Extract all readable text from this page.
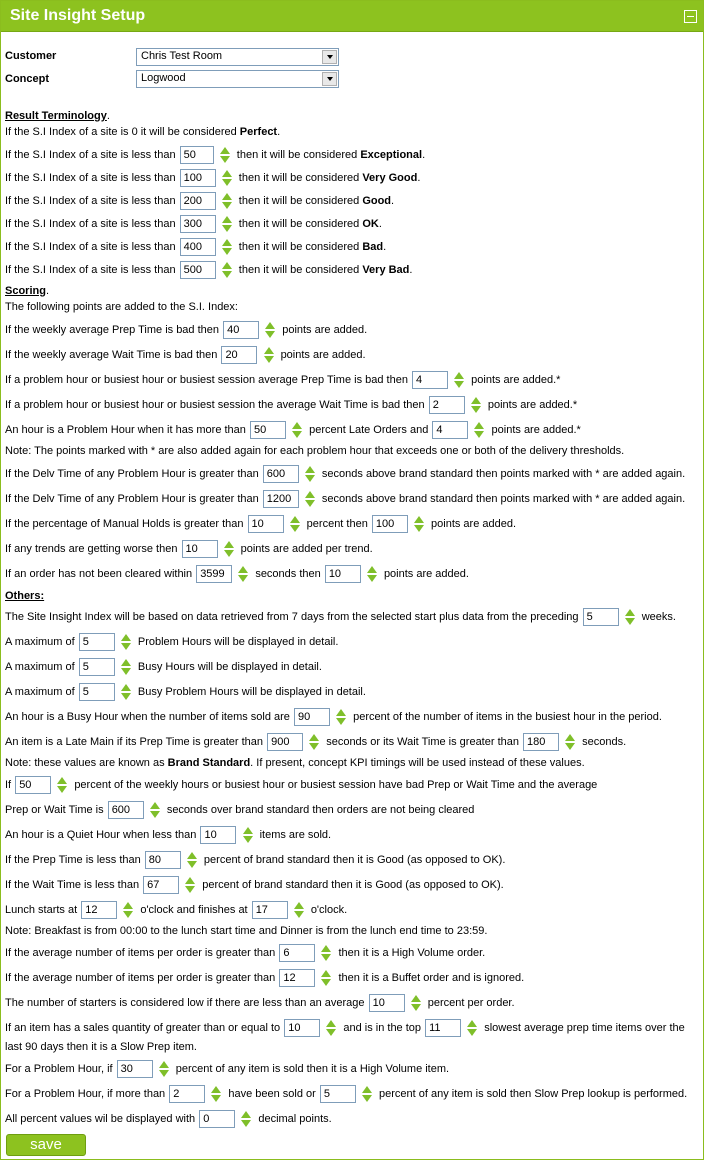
Site Insight Setup
Customer	Chris Test Room
Concept	Logwood
Result Terminology.
If the S.I Index of a site is 0 it will be considered Perfect.
If the S.I Index of a site is less than 50	then it will be considered Exceptional.
If the S.I Index of a site is less than 100	then it will be considered Very Good.
If the S.I Index of a site is less than 200	then it will be considered Good.
If the S.I Index of a site is less than 300	then it will be considered OK.
If the S.I Index of a site is less than 400	then it will be considered Bad.
If the S.I Index of a site is less than 500	then it will be considered Very Bad.
Scoring.
The following points are added to the S.I. Index:
If the weekly average Prep Time is bad then 40	points are added.
If the weekly average Wait Time is bad then 20	points are added.
If a problem hour or busiest hour or busiest session average Prep Time is bad then 4	points are added.*
If a problem hour or busiest hour or busiest session the average Wait Time is bad then 2	points are added.*
An hour is a Problem Hour when it has more than 50	percent Late Orders and 4	points are added.*
Note: The points marked with * are also added again for each problem hour that exceeds one or both of the delivery thresholds.
If the Delv Time of any Problem Hour is greater than 600	seconds above brand standard then points marked with * are added again.
If the Delv Time of any Problem Hour is greater than 1200	seconds above brand standard then points marked with * are added again.
If the percentage of Manual Holds is greater than 10	percent then 100	points are added.
If any trends are getting worse then 10	points are added per trend.
If an order has not been cleared within 3599	seconds then 10	points are added.
Others:
The Site Insight Index will be based on data retrieved from 7 days from the selected start plus data from the preceding 5	weeks.
A maximum of 5	Problem Hours will be displayed in detail.
A maximum of 5	Busy Hours will be displayed in detail.
A maximum of 5	Busy Problem Hours will be displayed in detail.
An hour is a Busy Hour when the number of items sold are 90	percent of the number of items in the busiest hour in the period.
An item is a Late Main if its Prep Time is greater than 900	seconds or its Wait Time is greater than 180	seconds.
Note: these values are known as Brand Standard. If present, concept KPI timings will be used instead of these values.
If 50	percent of the weekly hours or busiest hour or busiest session have bad Prep or Wait Time and the average
Prep or Wait Time is 600	seconds over brand standard then orders are not being cleared
An hour is a Quiet Hour when less than 10	items are sold.
If the Prep Time is less than 80	percent of brand standard then it is Good (as opposed to OK).
If the Wait Time is less than 67	percent of brand standard then it is Good (as opposed to OK).
Lunch starts at 12	o'clock and finishes at 17	o'clock.
Note: Breakfast is from 00:00 to the lunch start time and Dinner is from the lunch end time to 23:59.
If the average number of items per order is greater than 6	then it is a High Volume order.
If the average number of items per order is greater than 12	then it is a Buffet order and is ignored.
The number of starters is considered low if there are less than an average 10	percent per order.
If an item has a sales quantity of greater than or equal to 10	and is in the top 11	slowest average prep time items over the
last 90 days then it is a Slow Prep item.
For a Problem Hour, if 30	percent of any item is sold then it is a High Volume item.
For a Problem Hour, if more than 2	have been sold or 5	percent of any item is sold then Slow Prep lookup is performed.
All percent values wil be displayed with 0	decimal points.
save
